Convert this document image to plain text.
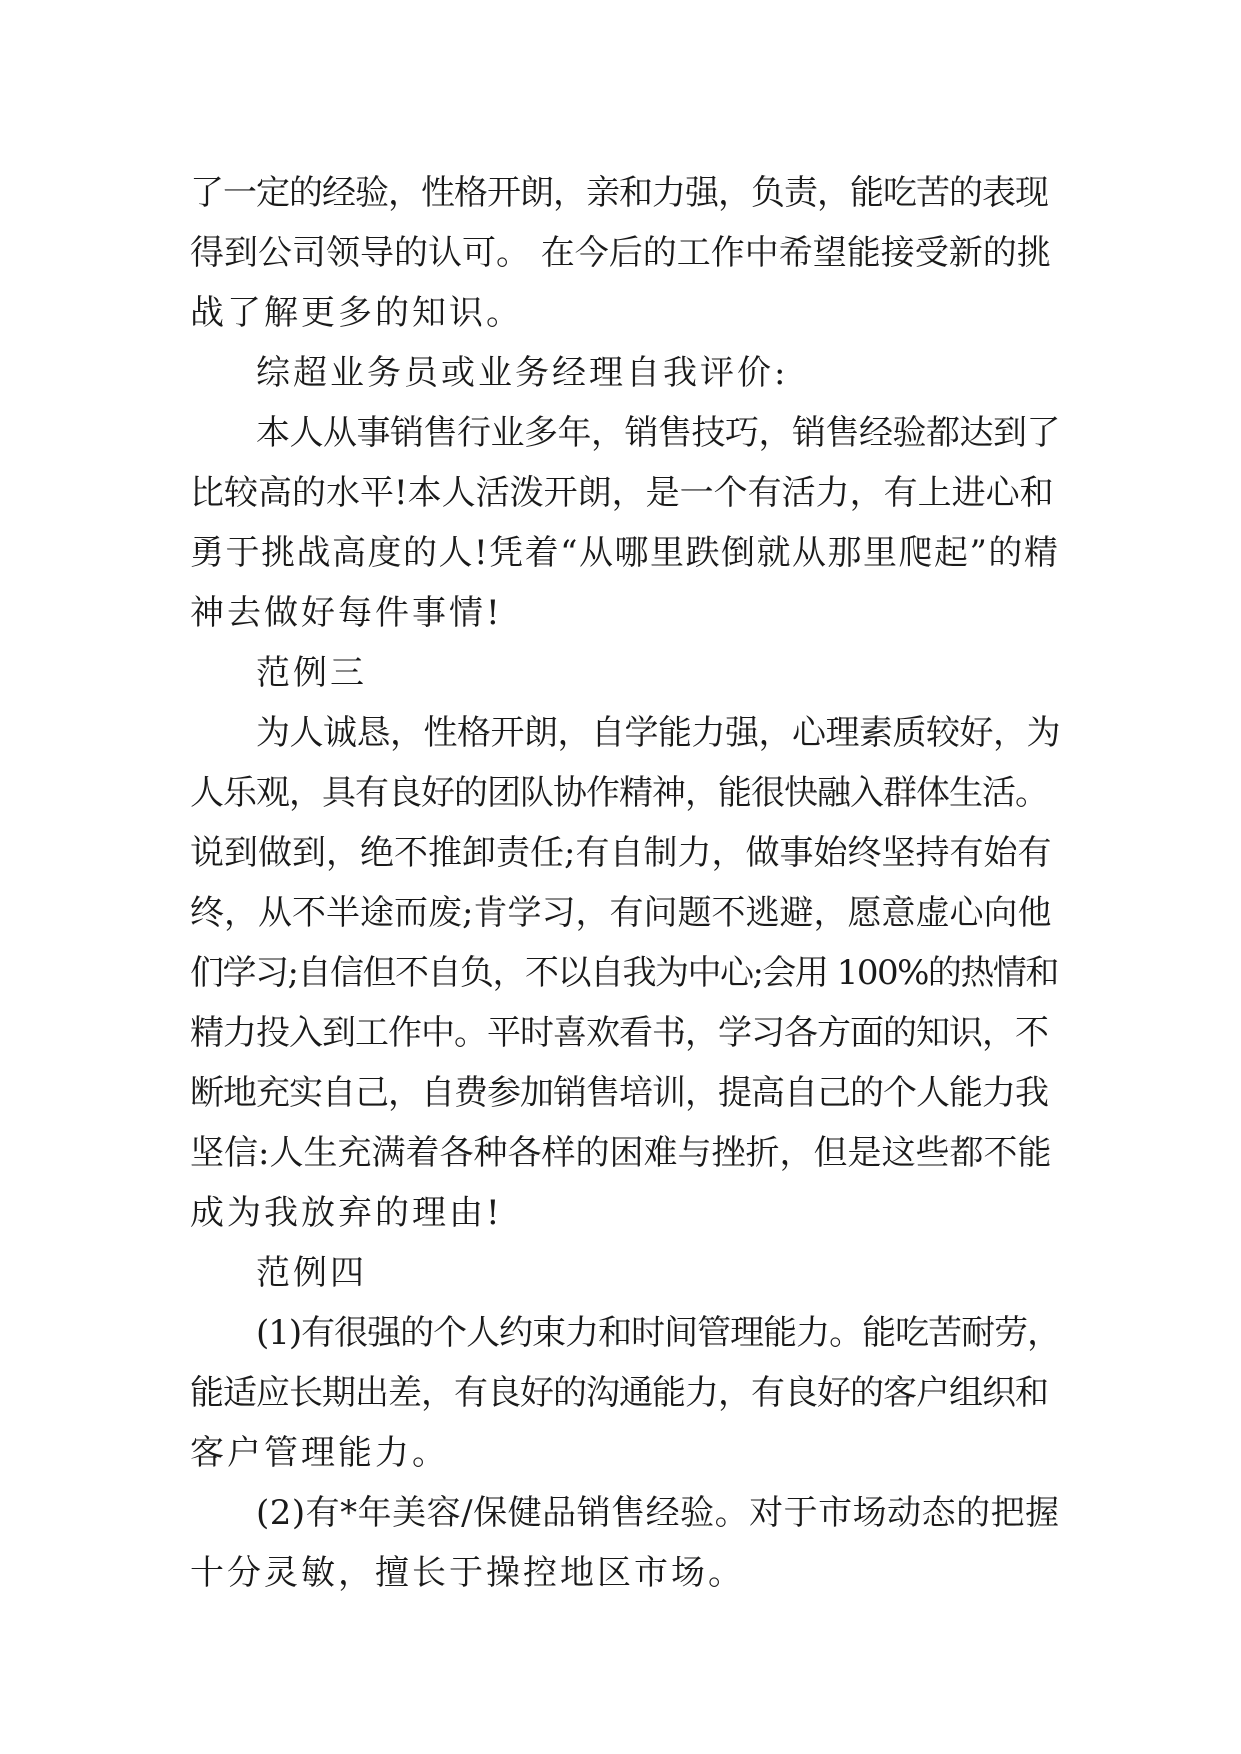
了一定的经验，性格开朗，亲和力强，负责，能吃苦的表现
得到公司领导的认可。 在今后的工作中希望能接受新的挑
战了解更多的知识。
综超业务员或业务经理自我评价:
本人从事销售行业多年，销售技巧，销售经验都达到了
比较高的水平!本人活泼开朗，是一个有活力，有上进心和
勇于挑战高度的人!凭着“从哪里跌倒就从那里爬起”的精
神去做好每件事情!
范例三
为人诚恳，性格开朗，自学能力强，心理素质较好，为
人乐观，具有良好的团队协作精神，能很快融入群体生活。
说到做到，绝不推卸责任;有自制力，做事始终坚持有始有
终，从不半途而废;肯学习，有问题不逃避，愿意虚心向他
们学习;自信但不自负，不以自我为中心;会用 100%的热情和
精力投入到工作中。平时喜欢看书，学习各方面的知识，不
断地充实自己，自费参加销售培训，提高自己的个人能力我
坚信:人生充满着各种各样的困难与挫折，但是这些都不能
成为我放弃的理由!
范例四
(1)有很强的个人约束力和时间管理能力。能吃苦耐劳，
能适应长期出差，有良好的沟通能力，有良好的客户组织和
客户管理能力。
(2)有*年美容/保健品销售经验。对于市场动态的把握
十分灵敏，擅长于操控地区市场。
